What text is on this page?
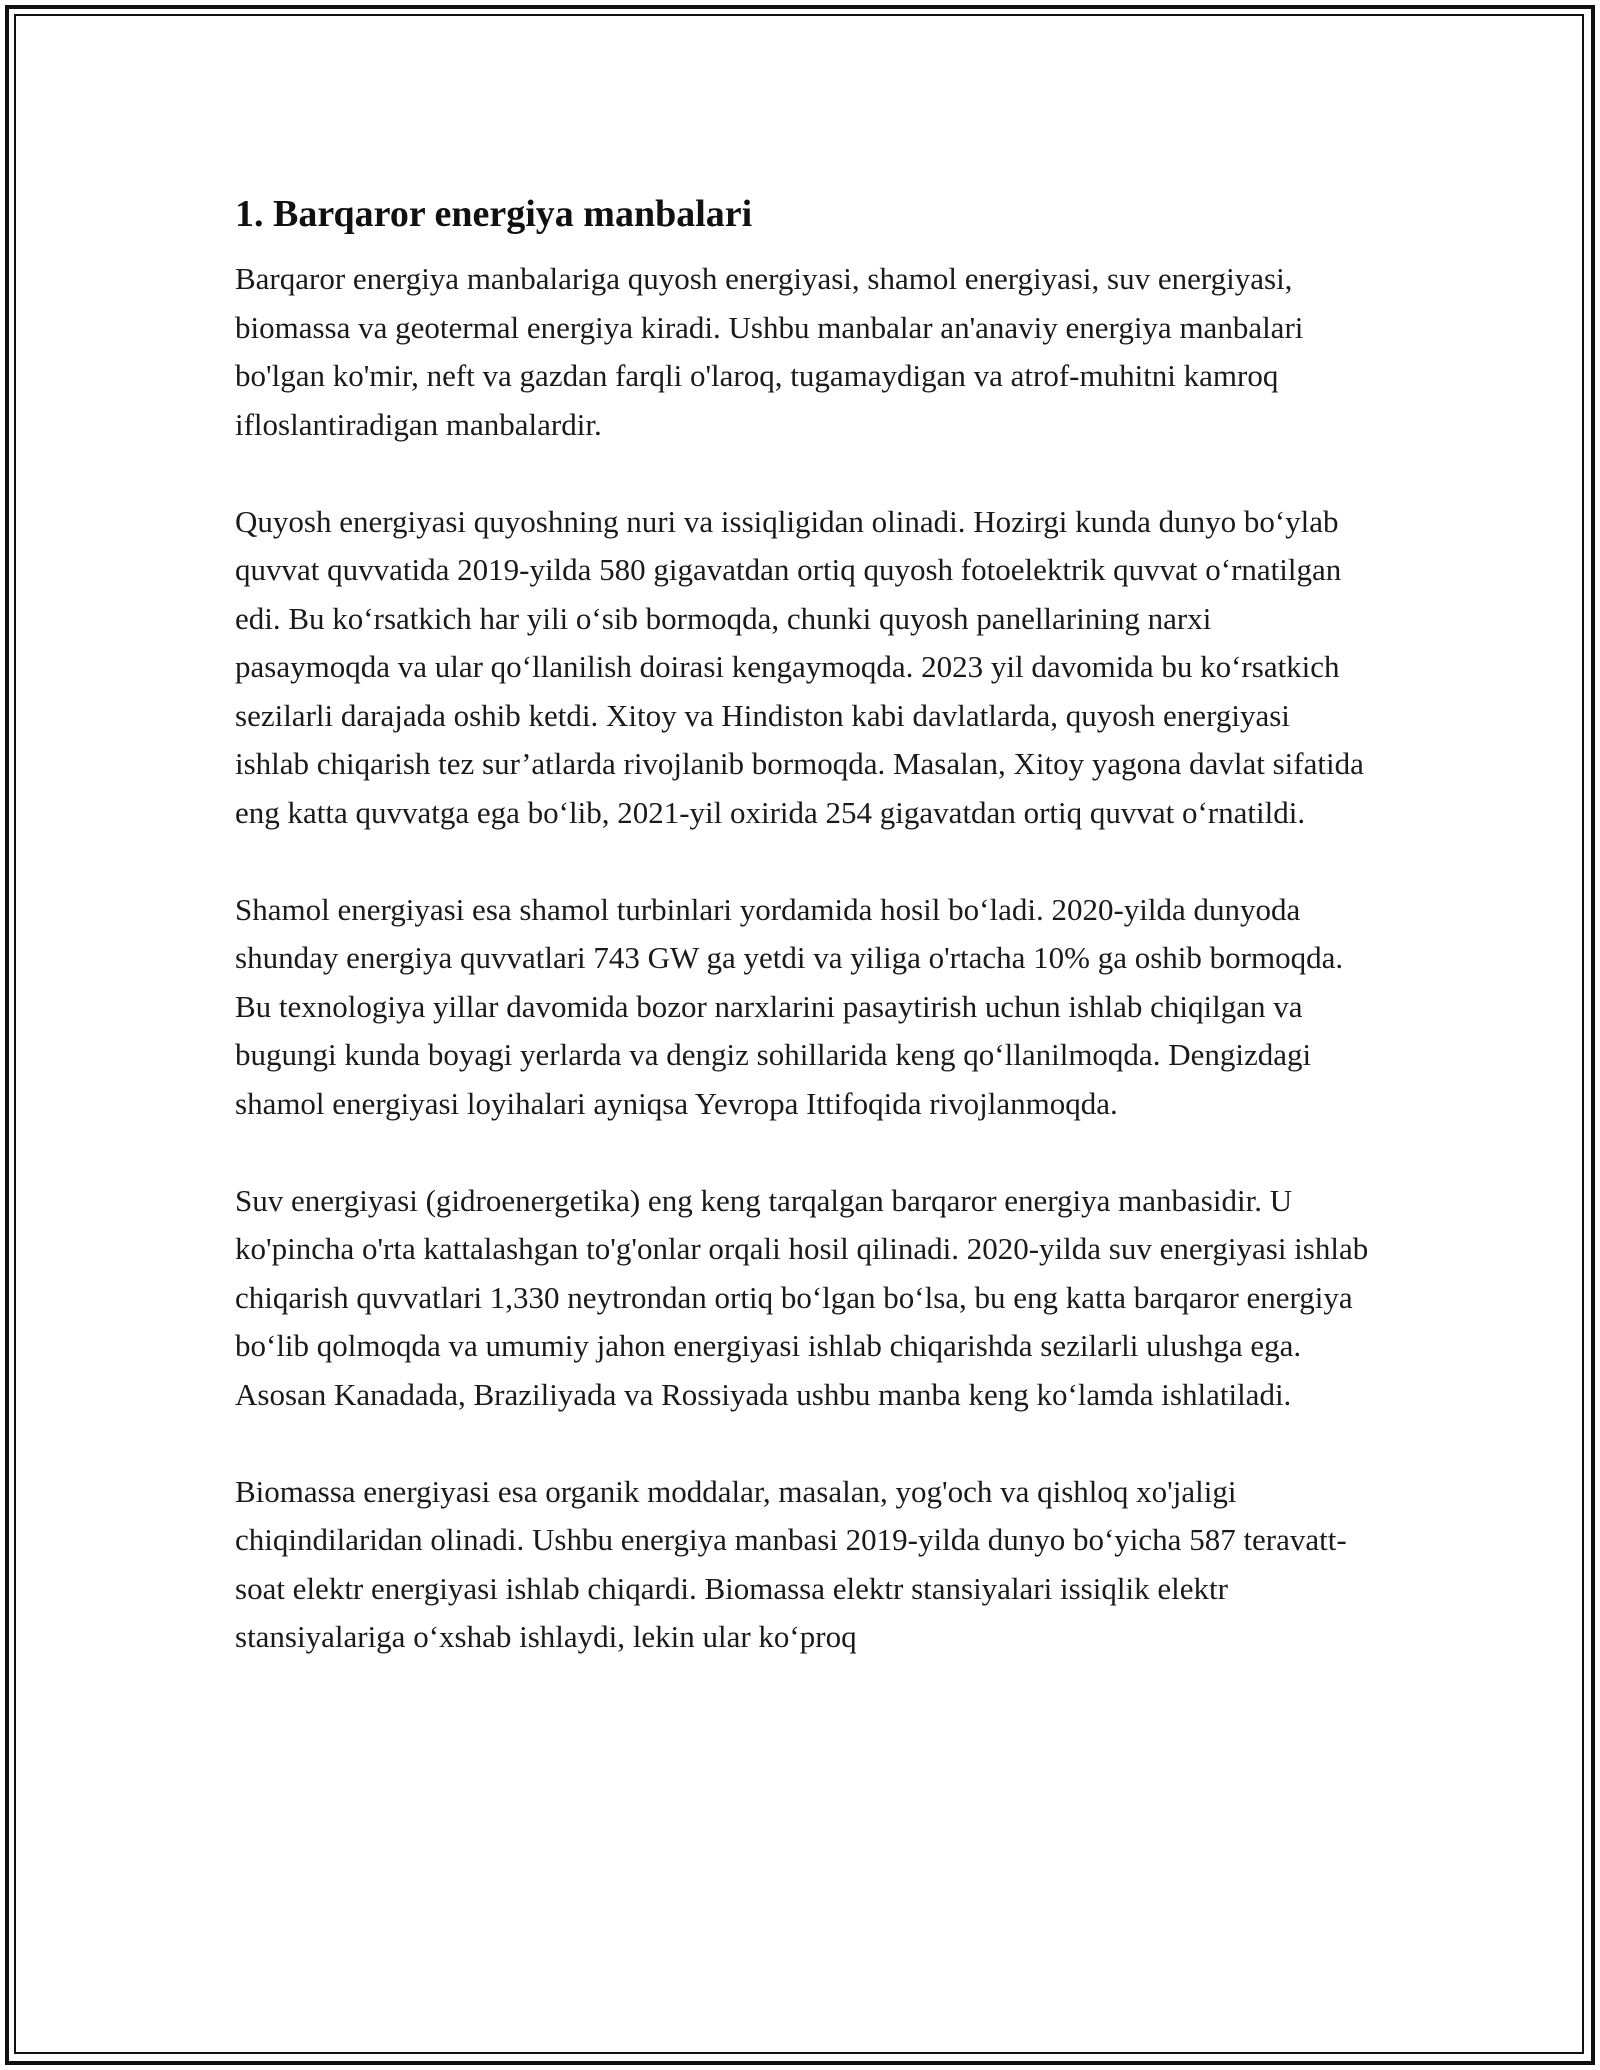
1. Barqaror energiya manbalari

Barqaror energiya manbalariga quyosh energiyasi, shamol energiyasi, suv energiyasi, biomassa va geotermal energiya kiradi. Ushbu manbalar an'anaviy energiya manbalari bo'lgan ko'mir, neft va gazdan farqli o'laroq, tugamaydigan va atrof-muhitni kamroq ifloslantiradigan manbalardir.

Quyosh energiyasi quyoshning nuri va issiqligidan olinadi. Hozirgi kunda dunyo bo‘ylab quvvat quvvatida 2019-yilda 580 gigavatdan ortiq quyosh fotoelektrik quvvat o‘rnatilgan edi. Bu ko‘rsatkich har yili o‘sib bormoqda, chunki quyosh panellarining narxi pasaymoqda va ular qo‘llanilish doirasi kengaymoqda. 2023 yil davomida bu ko‘rsatkich sezilarli darajada oshib ketdi. Xitoy va Hindiston kabi davlatlarda, quyosh energiyasi ishlab chiqarish tez sur’atlarda rivojlanib bormoqda. Masalan, Xitoy yagona davlat sifatida eng katta quvvatga ega bo‘lib, 2021-yil oxirida 254 gigavatdan ortiq quvvat o‘rnatildi.

Shamol energiyasi esa shamol turbinlari yordamida hosil bo‘ladi. 2020-yilda dunyoda shunday energiya quvvatlari 743 GW ga yetdi va yiliga o'rtacha 10% ga oshib bormoqda. Bu texnologiya yillar davomida bozor narxlarini pasaytirish uchun ishlab chiqilgan va bugungi kunda boyagi yerlarda va dengiz sohillarida keng qo‘llanilmoqda. Dengizdagi shamol energiyasi loyihalari ayniqsa Yevropa Ittifoqida rivojlanmoqda.

Suv energiyasi (gidroenergetika) eng keng tarqalgan barqaror energiya manbasidir. U ko'pincha o'rta kattalashgan to'g'onlar orqali hosil qilinadi. 2020-yilda suv energiyasi ishlab chiqarish quvvatlari 1,330 neytrondan ortiq bo‘lgan bo‘lsa, bu eng katta barqaror energiya bo‘lib qolmoqda va umumiy jahon energiyasi ishlab chiqarishda sezilarli ulushga ega. Asosan Kanadada, Braziliyada va Rossiyada ushbu manba keng ko‘lamda ishlatiladi.

Biomassa energiyasi esa organik moddalar, masalan, yog'och va qishloq xo'jaligi chiqindilaridan olinadi. Ushbu energiya manbasi 2019-yilda dunyo bo‘yicha 587 teravatt-soat elektr energiyasi ishlab chiqardi. Biomassa elektr stansiyalari issiqlik elektr stansiyalariga o‘xshab ishlaydi, lekin ular ko‘proq
